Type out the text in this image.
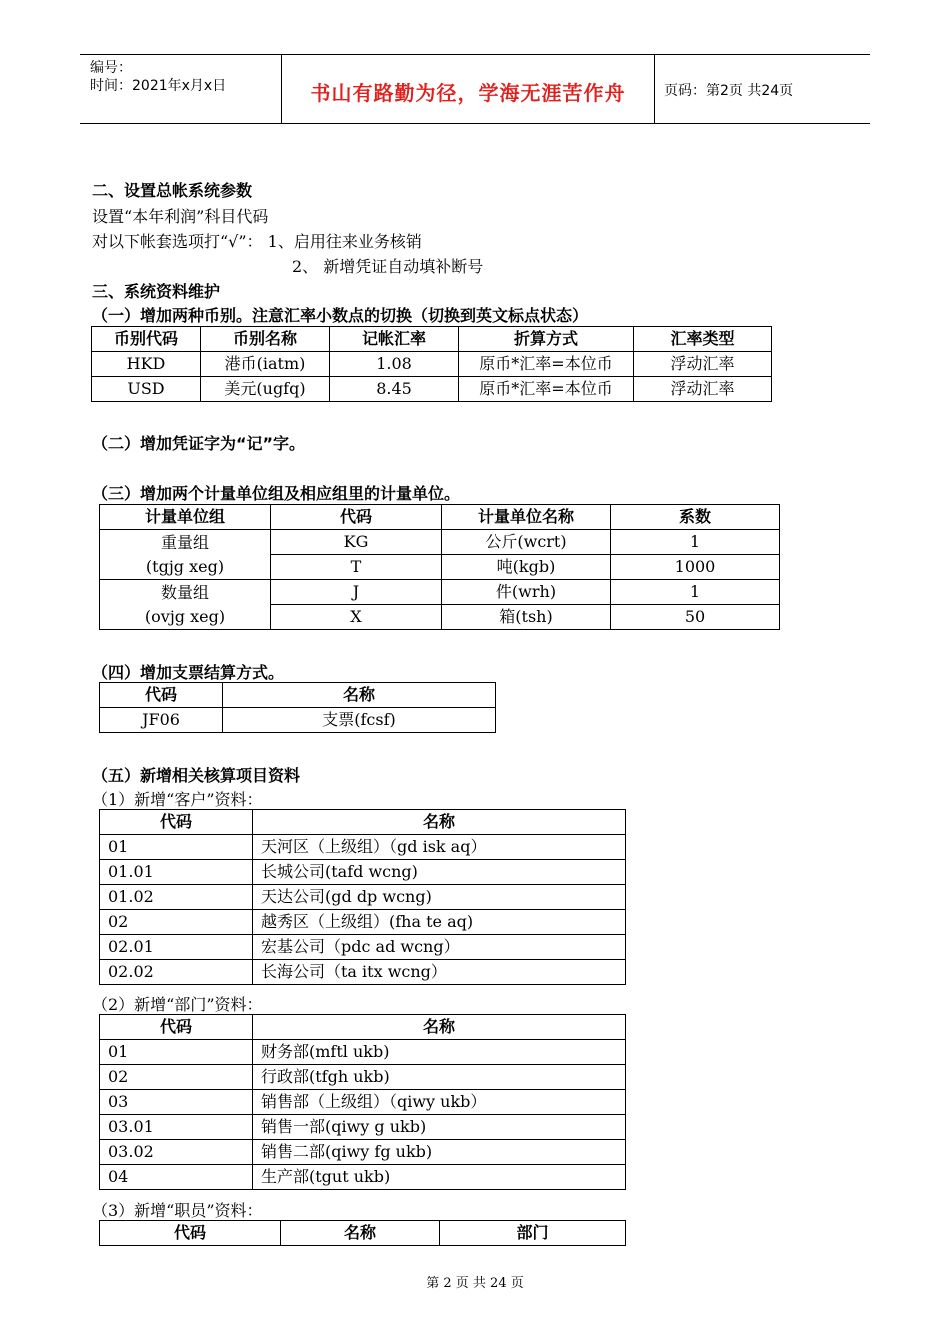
编号：
时间：2021年x月x日	书山有路勤为径，学海无涯苦作舟	页码：第2页 共24页
二、设置总帐系统参数
设置“本年利润”科目代码
对以下帐套选项打“√”： 1、启用往来业务核销
2、 新增凭证自动填补断号
三、系统资料维护
（一）增加两种币别。注意汇率小数点的切换（切换到英文标点状态）
币别代码	币别名称	记帐汇率	折算方式	汇率类型
HKD	港币(iatm)	1.08	原币*汇率=本位币	浮动汇率
USD	美元(ugfq)	8.45	原币*汇率=本位币	浮动汇率
（二）增加凭证字为“记”字。
（三）增加两个计量单位组及相应组里的计量单位。
计量单位组	代码	计量单位名称	系数

重量组
(tgjg xeg)	KG	公斤(wcrt)	1
	T	吨(kgb)	1000

数量组
(ovjg xeg)	J	件(wrh)	1
	X	箱(tsh)	50
（四）增加支票结算方式。
代码	名称
JF06	支票(fcsf)
（五）新增相关核算项目资料
（1）新增“客户”资料：
代码	名称
01	天河区（上级组）（gd isk aq）
01.01	长城公司(tafd wcng)
01.02	天达公司(gd dp wcng)
02	越秀区（上级组）(fha te aq)
02.01	宏基公司（pdc ad wcng）
02.02	长海公司（ta itx wcng）
（2）新增“部门”资料：
代码	名称
01	财务部(mftl ukb)
02	行政部(tfgh ukb)
03	销售部（上级组）（qiwy ukb）
03.01	销售一部(qiwy g ukb)
03.02	销售二部(qiwy fg ukb)
04	生产部(tgut ukb)
（3）新增“职员”资料：
代码	名称	部门
第 2 页 共 24 页
